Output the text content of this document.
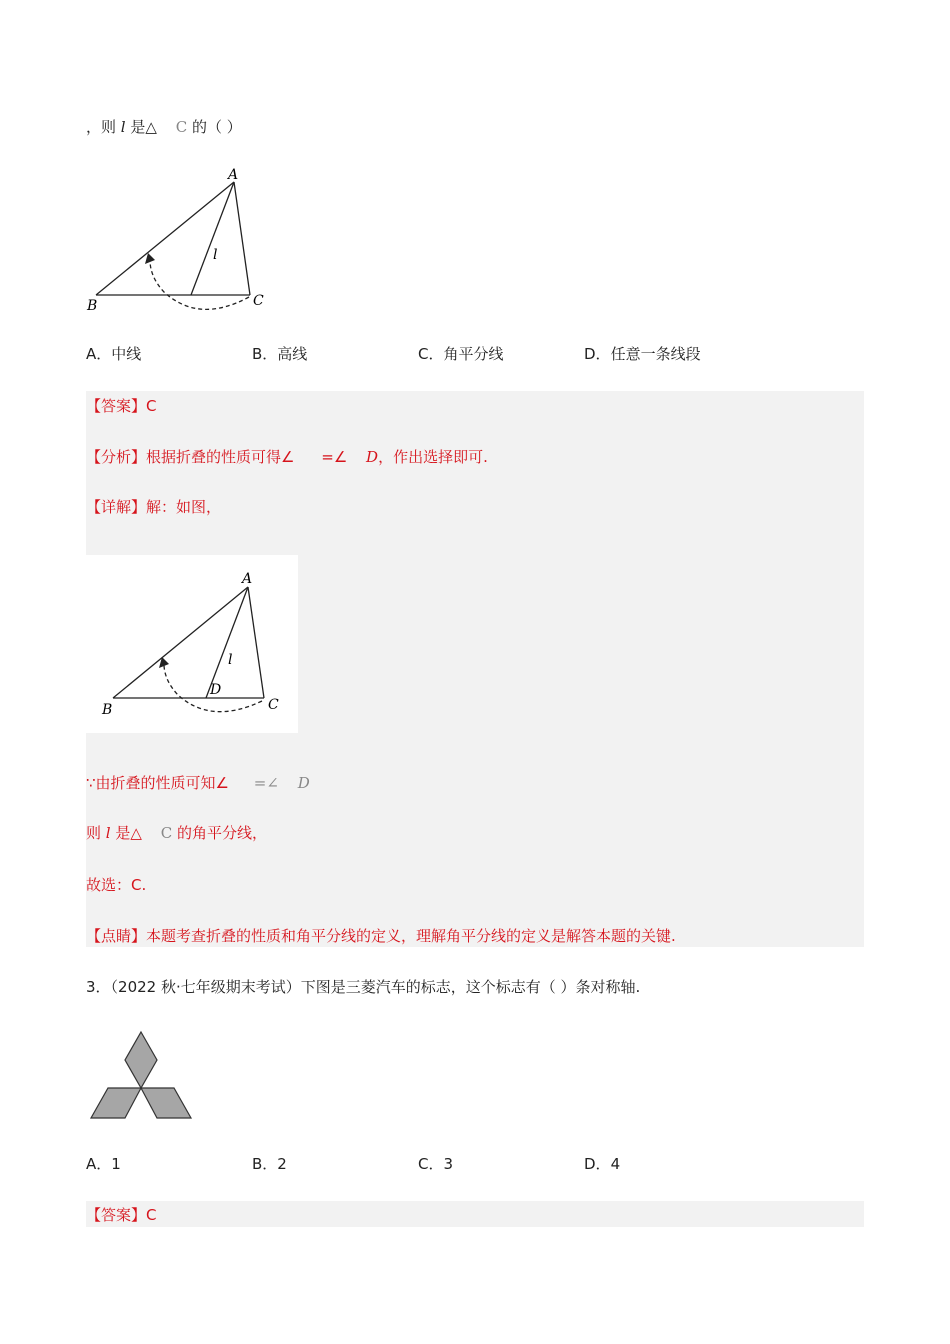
，则 l 是△ C 的（ ）
A
B	C
l
A．中线	B．高线	C．角平分线	D．任意一条线段
【答案】C
【分析】根据折叠的性质可得∠ =∠ D，作出选择即可.
【详解】解：如图，
A
B	C
D
l
∵由折叠的性质可知∠ =∠ D
则 l 是△ C 的角平分线，
故选：C.
【点睛】本题考查折叠的性质和角平分线的定义，理解角平分线的定义是解答本题的关键.
3．（2022 秋·七年级期末考试）下图是三菱汽车的标志，这个标志有（ ）条对称轴.
A．1	B．2	C．3	D．4
【答案】C
